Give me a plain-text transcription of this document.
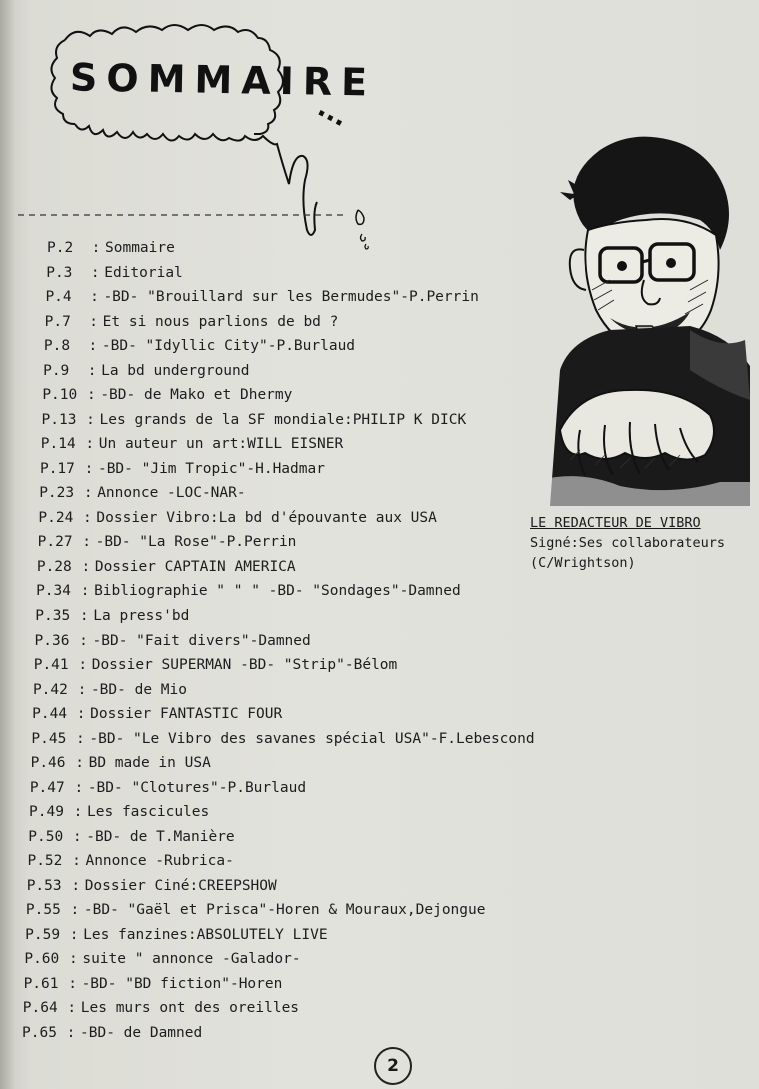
SOMMAIRE
...
P.2	: Sommaire
P.3	: Editorial
P.4	: -BD- "Brouillard sur les Bermudes"-P.Perrin
P.7	: Et si nous parlions de bd ?
P.8	: -BD- "Idyllic City"-P.Burlaud
P.9	: La bd underground
P.10 : -BD- de Mako et Dhermy
P.13 : Les grands de la SF mondiale:PHILIP K DICK
P.14 : Un auteur un art:WILL EISNER
P.17 : -BD- "Jim Tropic"-H.Hadmar
P.23 : Annonce -LOC-NAR-
P.24 : Dossier Vibro:La bd d'épouvante aux USA
P.27 : -BD- "La Rose"-P.Perrin
P.28 : Dossier CAPTAIN AMERICA
P.34 : Bibliographie " " " -BD- "Sondages"-Damned
P.35 : La press'bd
P.36 : -BD- "Fait divers"-Damned
P.41 : Dossier SUPERMAN -BD- "Strip"-Bélom
P.42 : -BD- de Mio
P.44 : Dossier FANTASTIC FOUR
P.45 : -BD- "Le Vibro des savanes spécial USA"-F.Lebescond
P.46 : BD made in USA
P.47 : -BD- "Clotures"-P.Burlaud
P.49 : Les fascicules
P.50 : -BD- de T.Manière
P.52 : Annonce -Rubrica-
P.53 : Dossier Ciné:CREEPSHOW
P.55 : -BD- "Gaël et Prisca"-Horen & Mouraux,Dejongue
P.59 : Les fanzines:ABSOLUTELY LIVE
P.60 : suite " annonce -Galador-
P.61 : -BD- "BD fiction"-Horen
P.64 : Les murs ont des oreilles
P.65 : -BD- de Damned
LE REDACTEUR DE VIBRO
Signé:Ses collaborateurs
(C/Wrightson)
2
